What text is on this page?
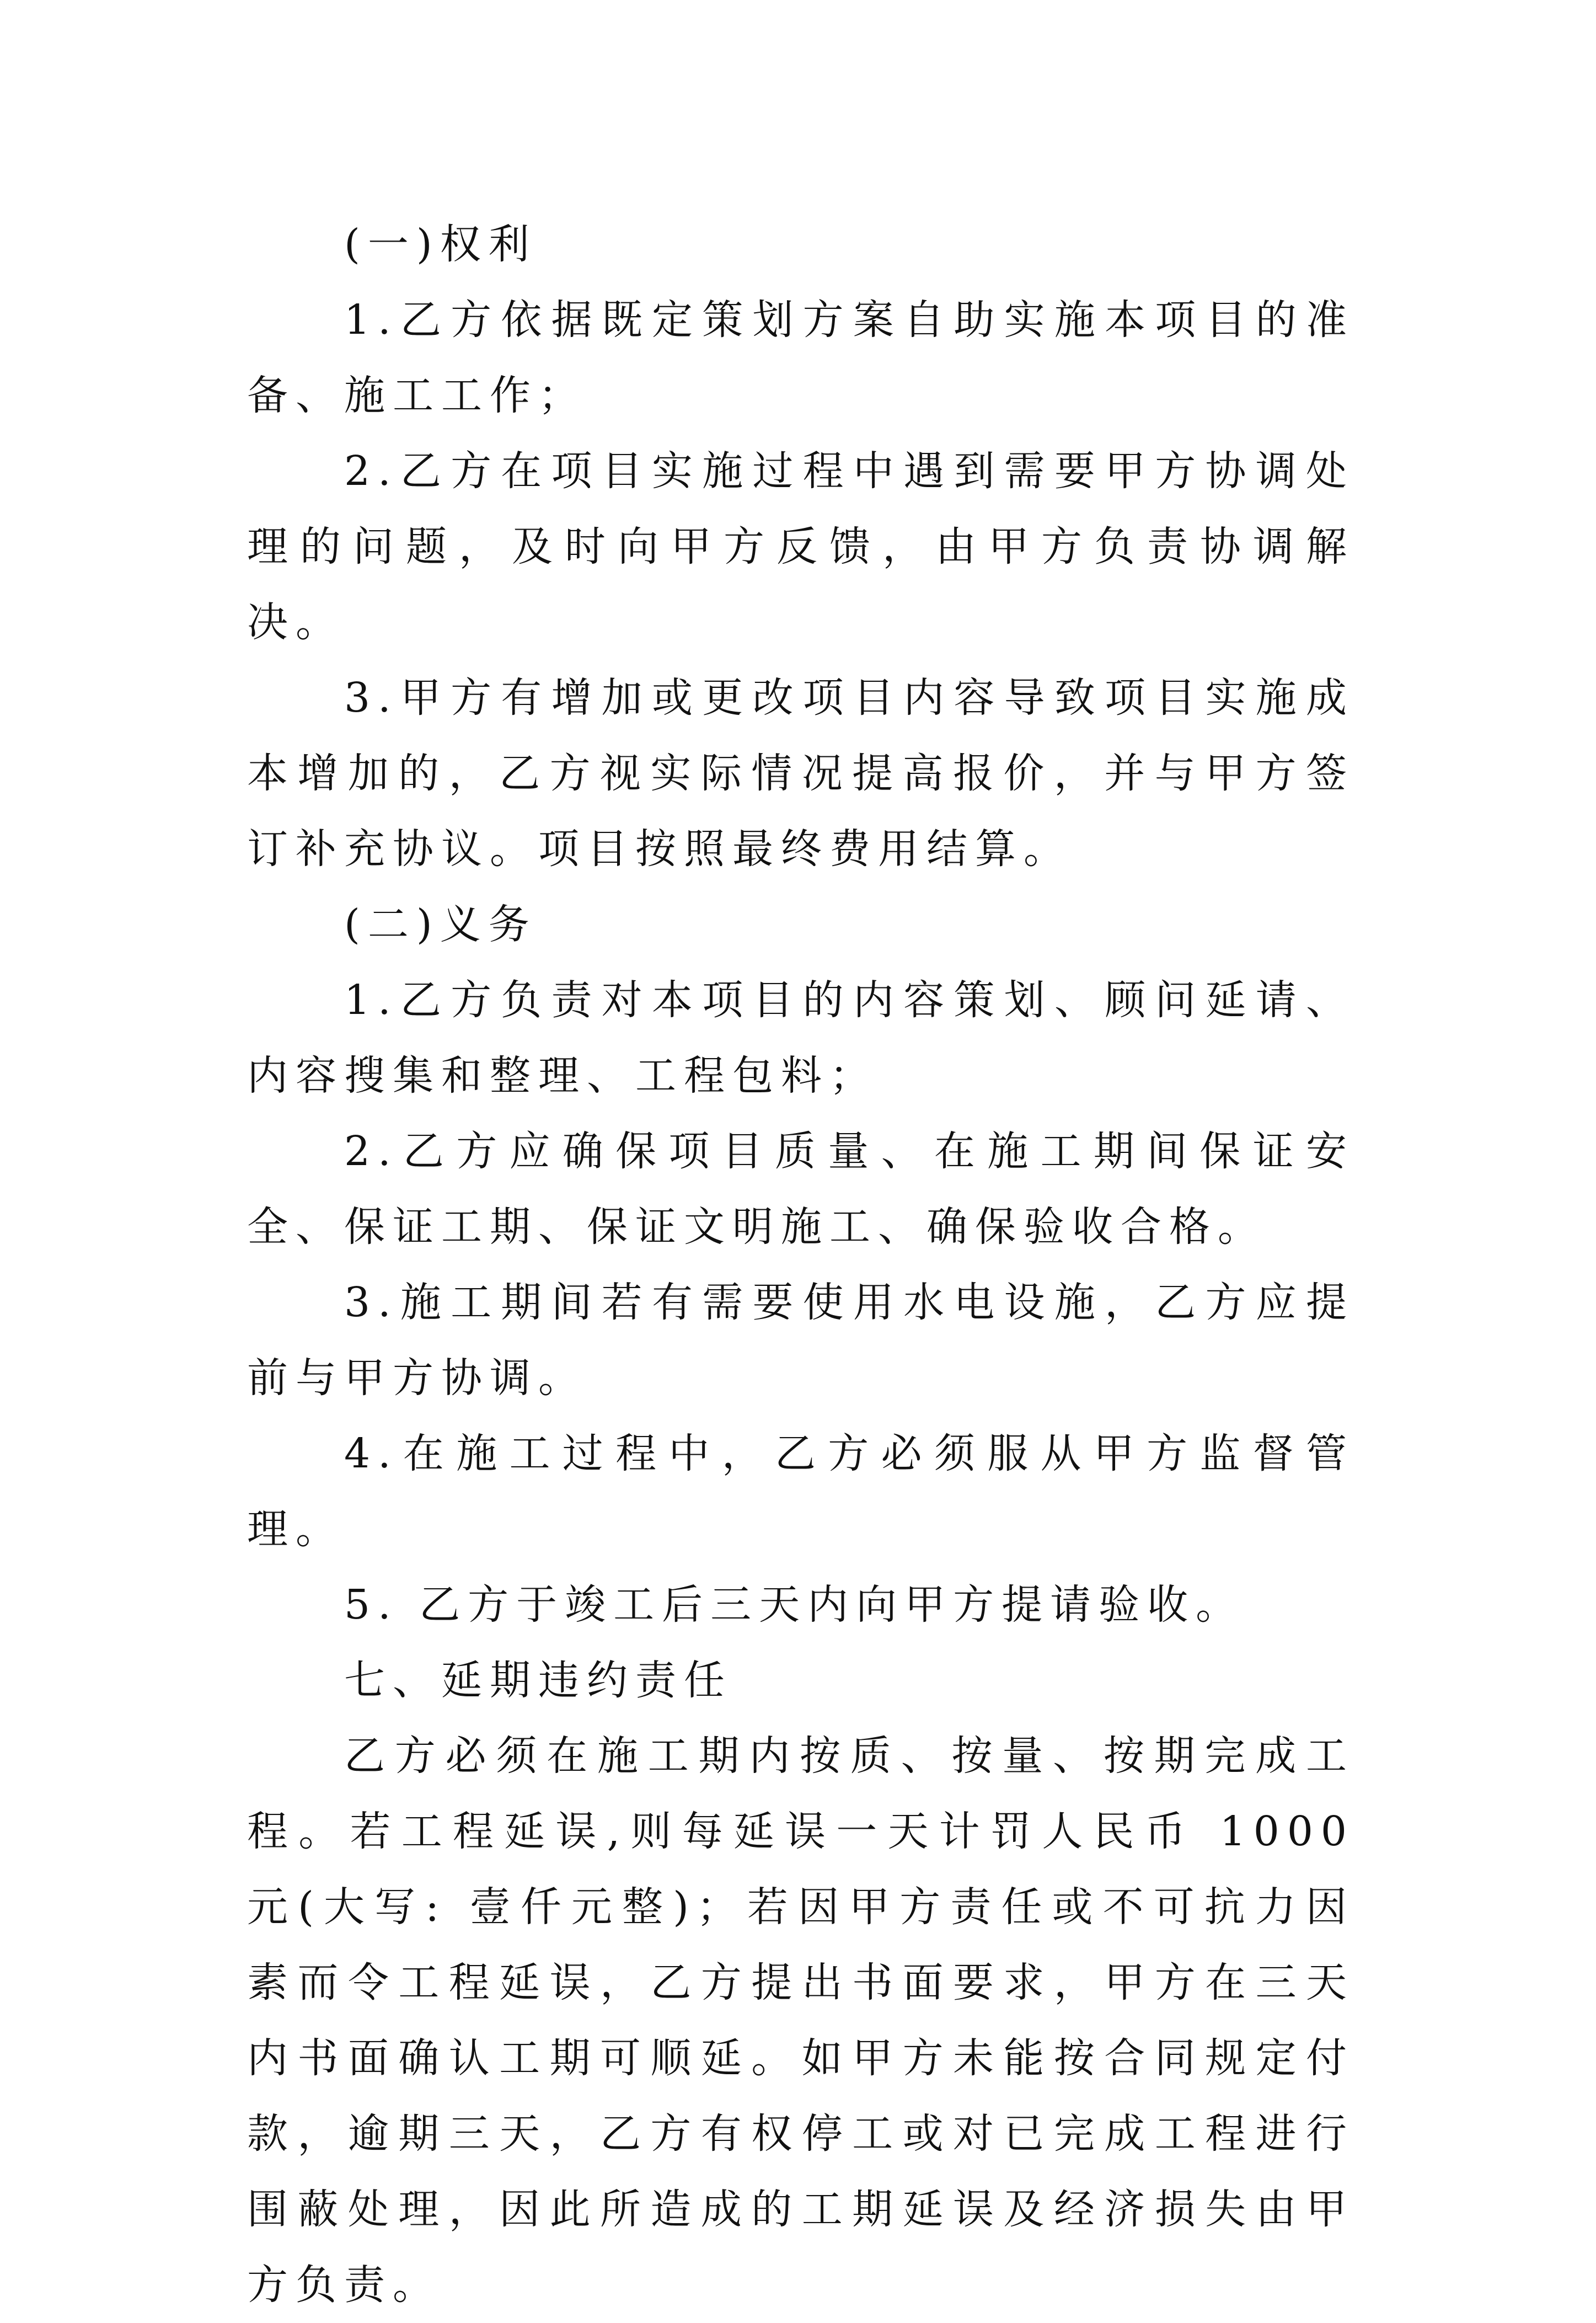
(一)权利

1.乙方依据既定策划方案自助实施本项目的准备、施工工作；

2.乙方在项目实施过程中遇到需要甲方协调处理的问题，及时向甲方反馈，由甲方负责协调解决。

3.甲方有增加或更改项目内容导致项目实施成本增加的，乙方视实际情况提高报价，并与甲方签订补充协议。项目按照最终费用结算。

(二)义务

1.乙方负责对本项目的内容策划、顾问延请、内容搜集和整理、工程包料；

2.乙方应确保项目质量、在施工期间保证安全、保证工期、保证文明施工、确保验收合格。

3.施工期间若有需要使用水电设施，乙方应提前与甲方协调。

4.在施工过程中，乙方必须服从甲方监督管理。

5. 乙方于竣工后三天内向甲方提请验收。

七、延期违约责任

乙方必须在施工期内按质、按量、按期完成工程。若工程延误,则每延误一天计罚人民币 1000 元(大写: 壹仟元整)；若因甲方责任或不可抗力因素而令工程延误，乙方提出书面要求，甲方在三天内书面确认工期可顺延。如甲方未能按合同规定付款，逾期三天，乙方有权停工或对已完成工程进行围蔽处理，因此所造成的工期延误及经济损失由甲方负责。
